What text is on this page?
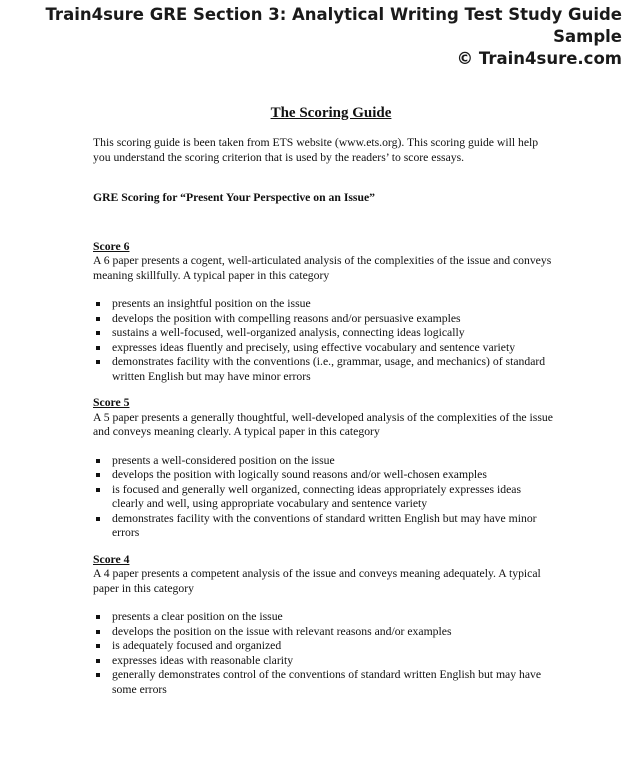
Train4sure GRE Section 3: Analytical Writing Test Study Guide Sample
© Train4sure.com
The Scoring Guide

This scoring guide is been taken from ETS website (www.ets.org). This scoring guide will help you understand the scoring criterion that is used by the readers’ to score essays.

GRE Scoring for “Present Your Perspective on an Issue”
Score 6

A 6 paper presents a cogent, well-articulated analysis of the complexities of the issue and conveys meaning skillfully. A typical paper in this category

presents an insightful position on the issue
develops the position with compelling reasons and/or persuasive examples
sustains a well-focused, well-organized analysis, connecting ideas logically
expresses ideas fluently and precisely, using effective vocabulary and sentence variety
demonstrates facility with the conventions (i.e., grammar, usage, and mechanics) of standard written English but may have minor errors
Score 5

A 5 paper presents a generally thoughtful, well-developed analysis of the complexities of the issue and conveys meaning clearly. A typical paper in this category

presents a well-considered position on the issue
develops the position with logically sound reasons and/or well-chosen examples
is focused and generally well organized, connecting ideas appropriately expresses ideas clearly and well, using appropriate vocabulary and sentence variety
demonstrates facility with the conventions of standard written English but may have minor errors
Score 4

A 4 paper presents a competent analysis of the issue and conveys meaning adequately. A typical paper in this category

presents a clear position on the issue
develops the position on the issue with relevant reasons and/or examples
is adequately focused and organized
expresses ideas with reasonable clarity
generally demonstrates control of the conventions of standard written English but may have some errors
